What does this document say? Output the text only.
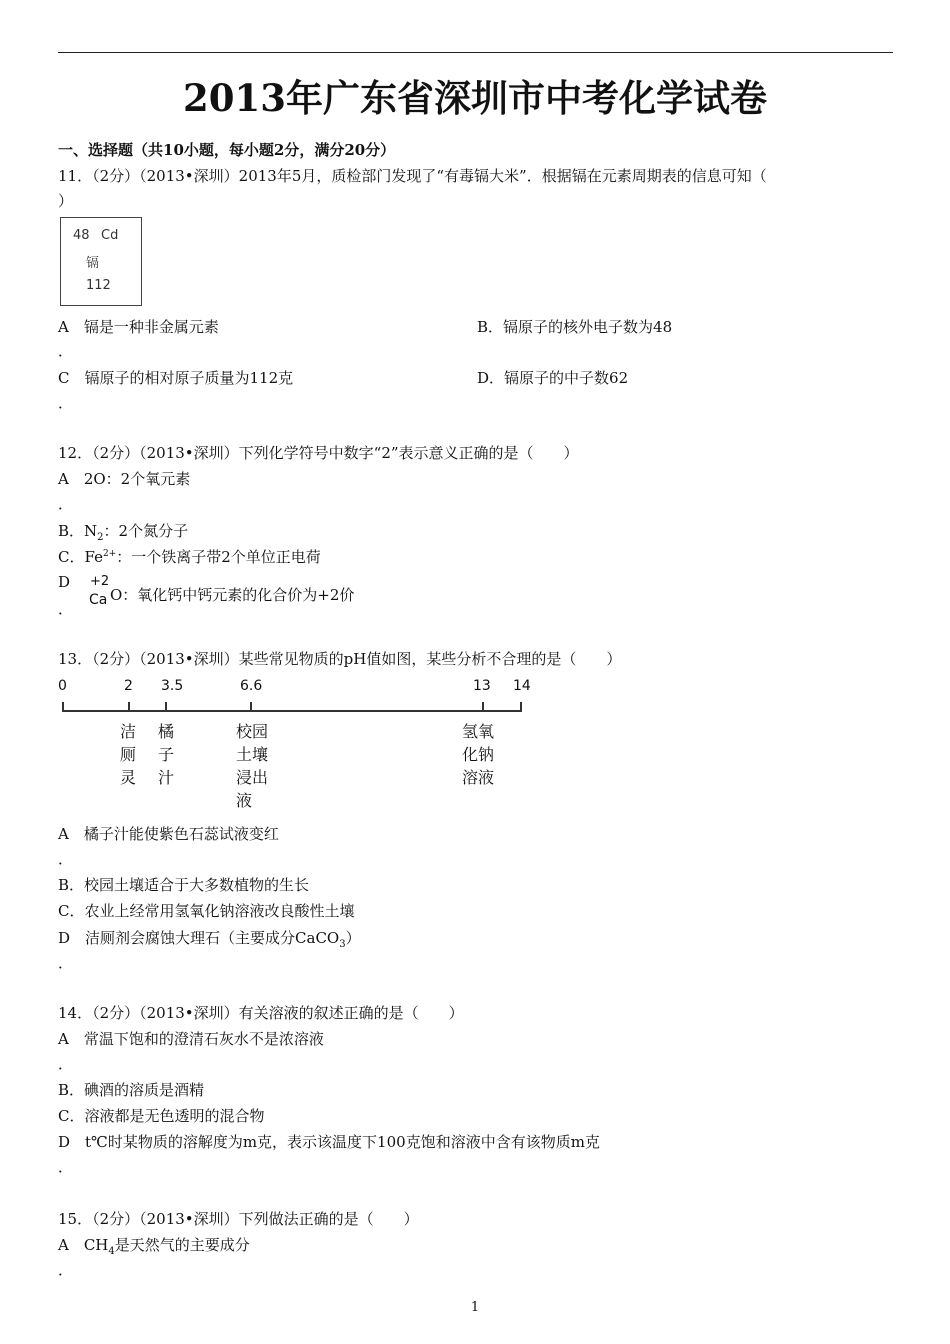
2013年广东省深圳市中考化学试卷
一、选择题（共10小题，每小题2分，满分20分）
11．（2分）（2013•深圳）2013年5月，质检部门发现了“有毒镉大米”．根据镉在元素周期表的信息可知（
）
48 Cd
镉
112
A　镉是一种非金属元素
．
B．镉原子的核外电子数为48
C　镉原子的相对原子质量为112克
．
D．镉原子的中子数62
12．（2分）（2013•深圳）下列化学符号中数字“2”表示意义正确的是（　　）
A　2O：2个氧元素
．
B．$N_2$：2个氮分子
C．$Fe^{2+}$：一个铁离子带2个单位正电荷
D
．
+2
Ca O：氧化钙中钙元素的化合价为+2价
13．（2分）（2013•深圳）某些常见物质的pH值如图，某些分析不合理的是（　　）
0	2 3.5	6.6	13 14
洁
厕
灵
橘
子
汁
校园
土壤
浸出
液
氢氧
化钠
溶液
A　橘子汁能使紫色石蕊试液变红
．
B．校园土壤适合于大多数植物的生长
C．农业上经常用氢氧化钠溶液改良酸性土壤
D　洁厕剂会腐蚀大理石（主要成分CaCO$_3$）
．
14．（2分）（2013•深圳）有关溶液的叙述正确的是（　　）
A　常温下饱和的澄清石灰水不是浓溶液
．
B．碘酒的溶质是酒精
C．溶液都是无色透明的混合物
D　t℃时某物质的溶解度为m克，表示该温度下100克饱和溶液中含有该物质m克
．
15．（2分）（2013•深圳）下列做法正确的是（　　）
A　$CH_4$是天然气的主要成分
．
1
